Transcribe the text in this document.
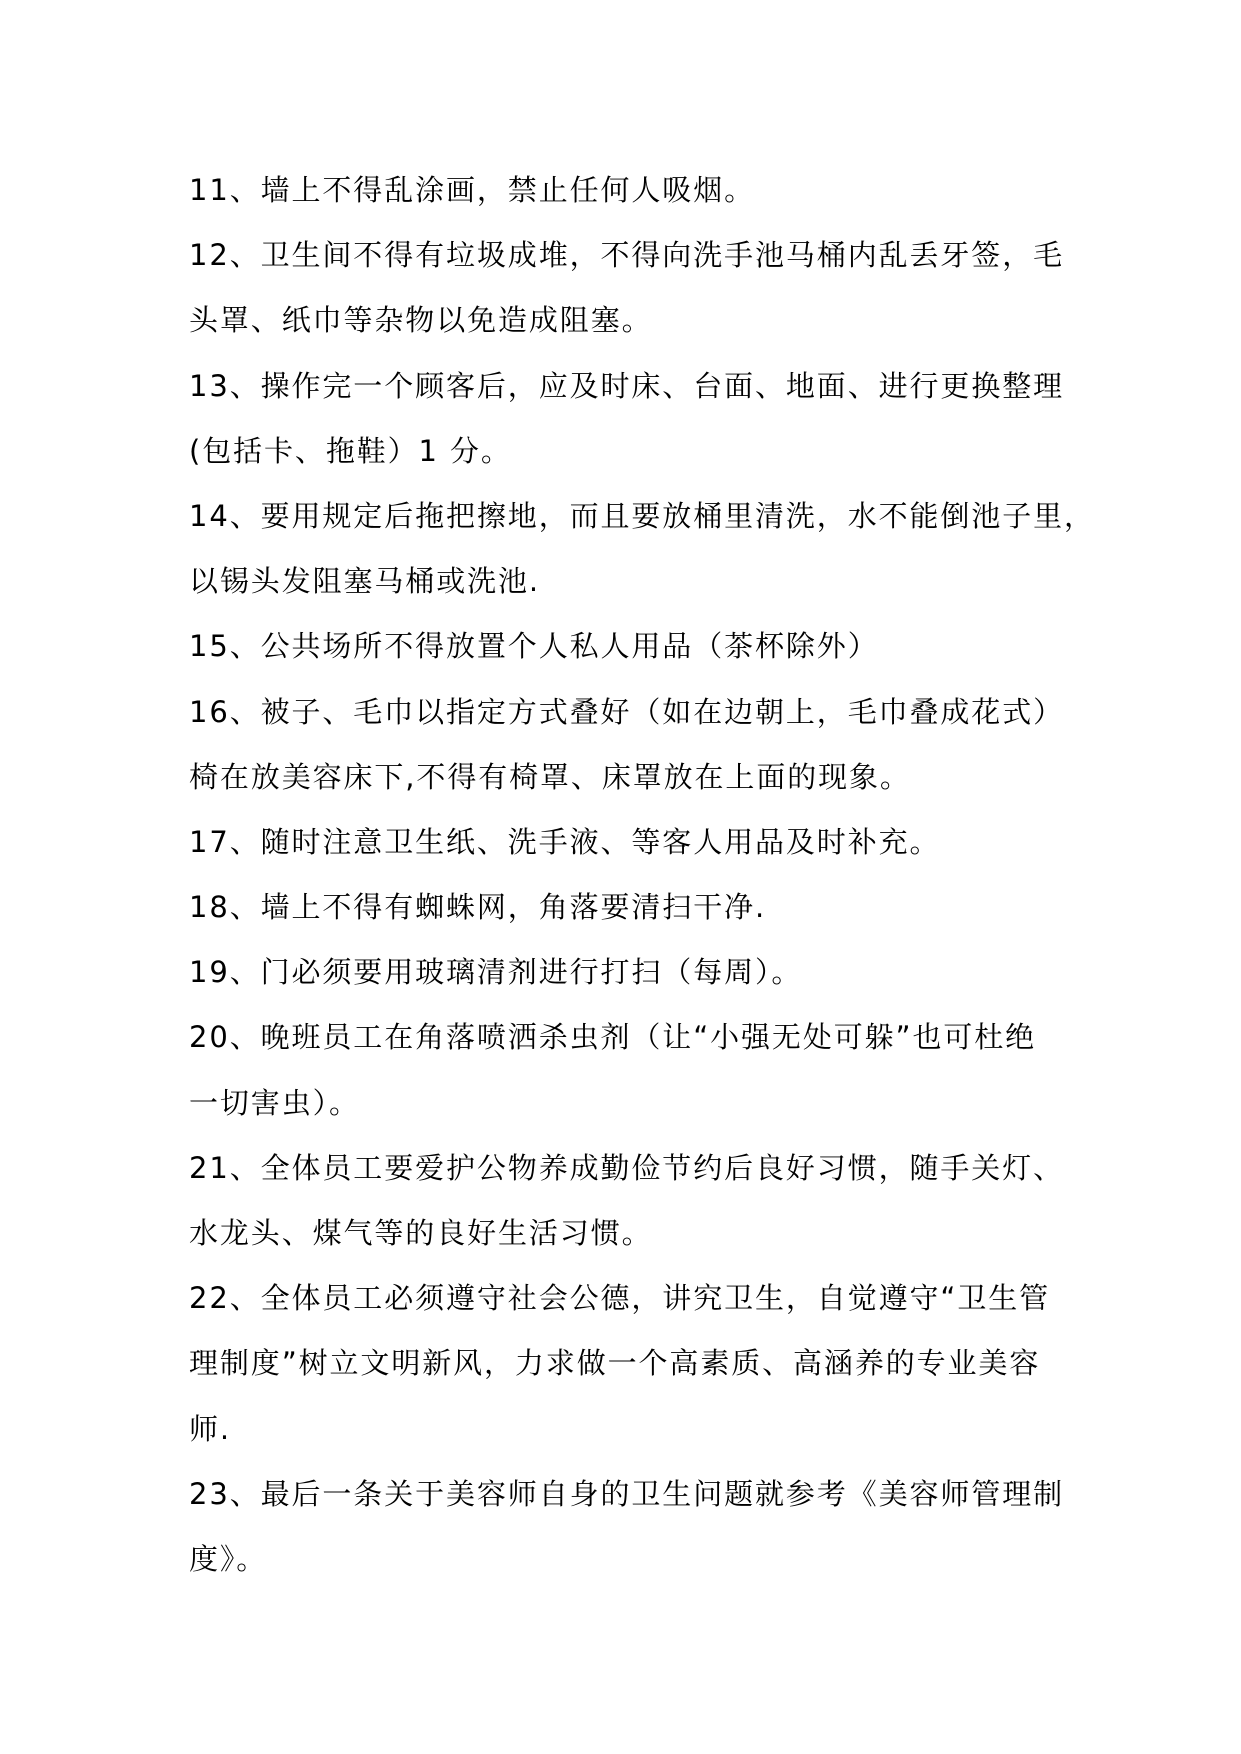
11、墙上不得乱涂画，禁止任何人吸烟。
12、卫生间不得有垃圾成堆，不得向洗手池马桶内乱丢牙签，毛
头罩、纸巾等杂物以免造成阻塞。
13、操作完一个顾客后，应及时床、台面、地面、进行更换整理
(包括卡、拖鞋）1 分。
14、要用规定后拖把擦地，而且要放桶里清洗，水不能倒池子里，
以锡头发阻塞马桶或洗池.
15、公共场所不得放置个人私人用品（茶杯除外）
16、被子、毛巾以指定方式叠好（如在边朝上，毛巾叠成花式）
椅在放美容床下,不得有椅罩、床罩放在上面的现象。
17、随时注意卫生纸、洗手液、等客人用品及时补充。
18、墙上不得有蜘蛛网，角落要清扫干净.
19、门必须要用玻璃清剂进行打扫（每周）。
20、晚班员工在角落喷洒杀虫剂（让“小强无处可躲”也可杜绝
一切害虫）。
21、全体员工要爱护公物养成勤俭节约后良好习惯，随手关灯、
水龙头、煤气等的良好生活习惯。
22、全体员工必须遵守社会公德，讲究卫生，自觉遵守“卫生管
理制度”树立文明新风，力求做一个高素质、高涵养的专业美容
师.
23、最后一条关于美容师自身的卫生问题就参考《美容师管理制
度》。
